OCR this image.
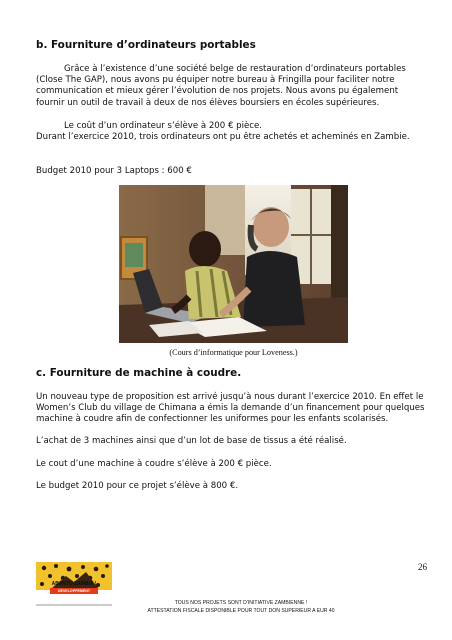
b. Fourniture d’ordinateurs portables

Grâce à l’existence d’une société belge de restauration d’ordinateurs portables (Close The GAP), nous avons pu équiper notre bureau à Fringilla pour faciliter notre communication et mieux gérer l’évolution de nos projets. Nous avons pu également fournir un outil de travail à deux de nos élèves boursiers en écoles supérieures.

Le coût d’un ordinateur s’élève à 200 € pièce.

Durant l’exercice 2010, trois ordinateurs ont pu être achetés et acheminés en Zambie.

Budget 2010 pour 3 Laptops : 600 €

(Cours d’informatique pour Loveness.)

c. Fourniture de machine à coudre.

Un nouveau type de proposition est arrivé jusqu’à nous durant l’exercice 2010. En effet le Women’s Club du village de Chimana a émis la demande d’un financement pour quelques machine à coudre afin de confectionner les uniformes pour les enfants scolarisés.

L’achat de 3 machines ainsi que d’un lot de base de tissus a été réalisé.

Le cout d’une machine à coudre s’élève à 200 € pièce.

Le budget 2010 pour ce projet s’élève à 800 €.

26
ABANTU ZAMBIA !
DÉVELOPPEMENT
TOUS NOS PROJETS SONT D’INITIATIVE ZAMBIENNE !
ATTESTATION FISCALE DISPONIBLE POUR TOUT DON SUPERIEUR A EUR 40
